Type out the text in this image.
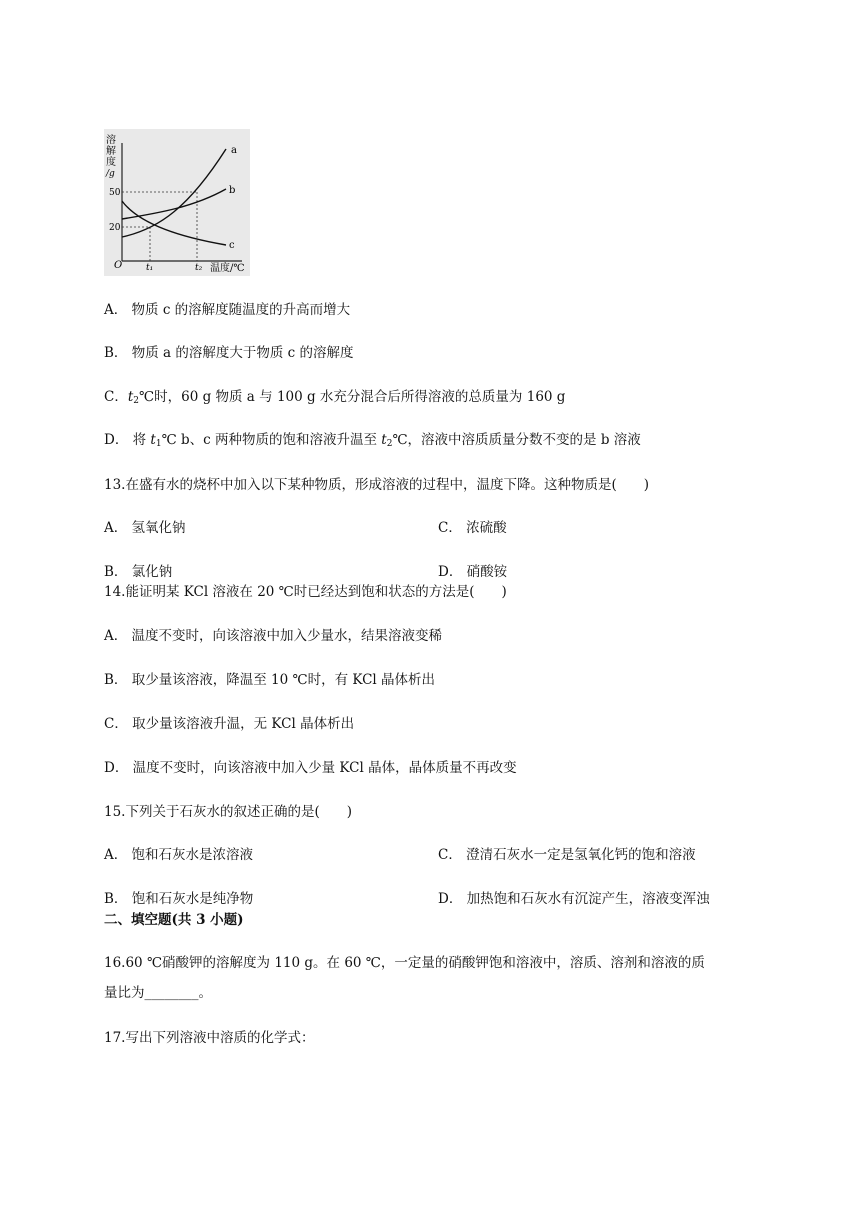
溶
解
度
/g
50
20
O	t₁	t₂ 温度/℃
a
b
c
A． 物质 c 的溶解度随温度的升高而增大
B． 物质 a 的溶解度大于物质 c 的溶解度
C．$t_2℃$时，60 g 物质 a 与 100 g 水充分混合后所得溶液的总质量为 160 g
D． 将 $t_1℃$ b、c 两种物质的饱和溶液升温至 $t_2℃$，溶液中溶质质量分数不变的是 b 溶液
13.在盛有水的烧杯中加入以下某种物质，形成溶液的过程中，温度下降。这种物质是(　　)
A． 氢氧化钠	C． 浓硫酸
B． 氯化钠	D． 硝酸铵
14.能证明某 KCl 溶液在 20 ℃时已经达到饱和状态的方法是(　　)
A． 温度不变时，向该溶液中加入少量水，结果溶液变稀
B． 取少量该溶液，降温至 10 ℃时，有 KCl 晶体析出
C． 取少量该溶液升温，无 KCl 晶体析出
D． 温度不变时，向该溶液中加入少量 KCl 晶体，晶体质量不再改变
15.下列关于石灰水的叙述正确的是(　　)
A． 饱和石灰水是浓溶液	C． 澄清石灰水一定是氢氧化钙的饱和溶液
B． 饱和石灰水是纯净物	D． 加热饱和石灰水有沉淀产生，溶液变浑浊
二、填空题(共 3 小题)
16.60 ℃硝酸钾的溶解度为 110 g。在 60 ℃，一定量的硝酸钾饱和溶液中，溶质、溶剂和溶液的质
量比为________。
17.写出下列溶液中溶质的化学式：
